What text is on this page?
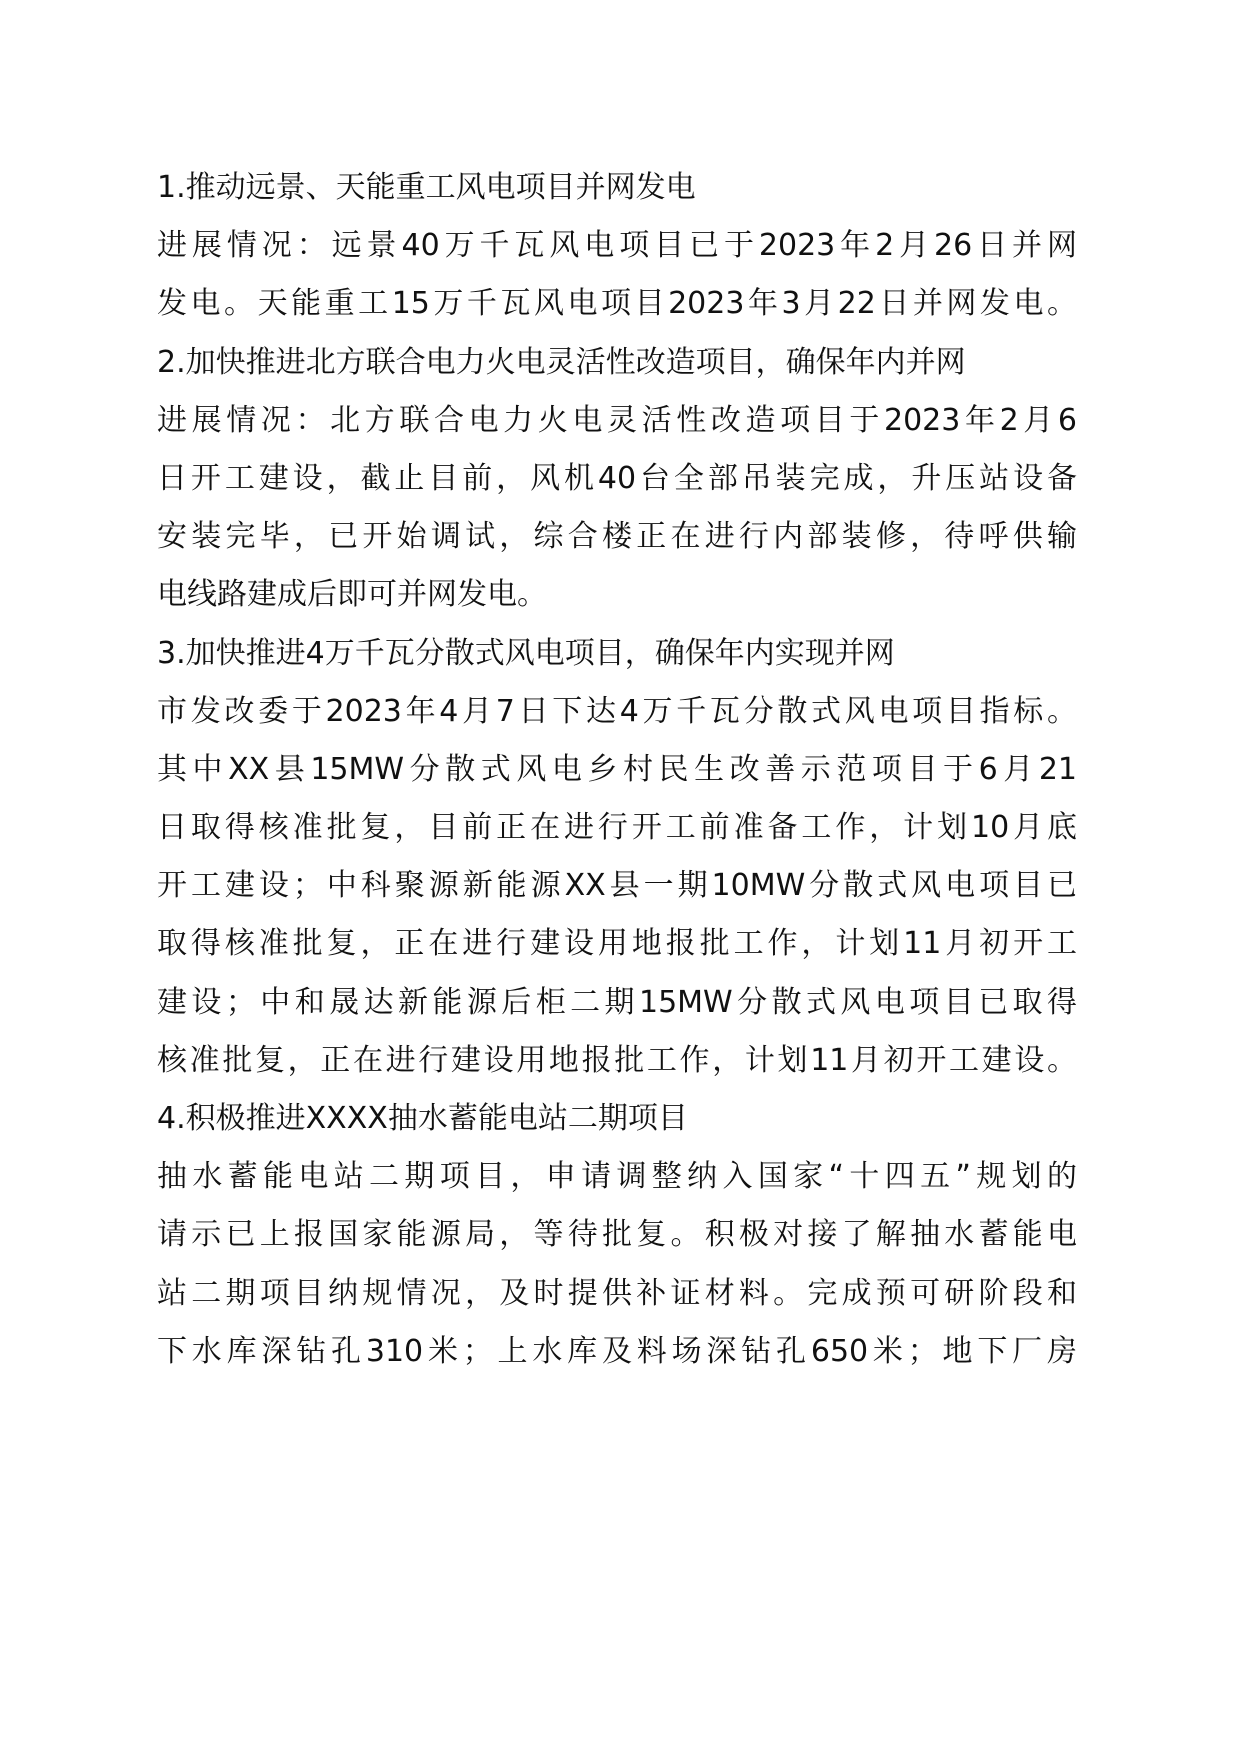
1.推动远景、天能重工风电项目并网发电
进展情况：远景40万千瓦风电项目已于2023年2月26日并网
发电。天能重工15万千瓦风电项目2023年3月22日并网发电。
2.加快推进北方联合电力火电灵活性改造项目，确保年内并网
进展情况：北方联合电力火电灵活性改造项目于2023年2月6
日开工建设，截止目前，风机40台全部吊装完成，升压站设备
安装完毕，已开始调试，综合楼正在进行内部装修，待呼供输
电线路建成后即可并网发电。
3.加快推进4万千瓦分散式风电项目，确保年内实现并网
市发改委于2023年4月7日下达4万千瓦分散式风电项目指标。
其中XX县15MW分散式风电乡村民生改善示范项目于6月21
日取得核准批复，目前正在进行开工前准备工作，计划10月底
开工建设；中科聚源新能源XX县一期10MW分散式风电项目已
取得核准批复，正在进行建设用地报批工作，计划11月初开工
建设；中和晟达新能源后柜二期15MW分散式风电项目已取得
核准批复，正在进行建设用地报批工作，计划11月初开工建设。
4.积极推进XXXX抽水蓄能电站二期项目
抽水蓄能电站二期项目，申请调整纳入国家“十四五”规划的
请示已上报国家能源局，等待批复。积极对接了解抽水蓄能电
站二期项目纳规情况，及时提供补证材料。完成预可研阶段和
下水库深钻孔310米；上水库及料场深钻孔650米；地下厂房
